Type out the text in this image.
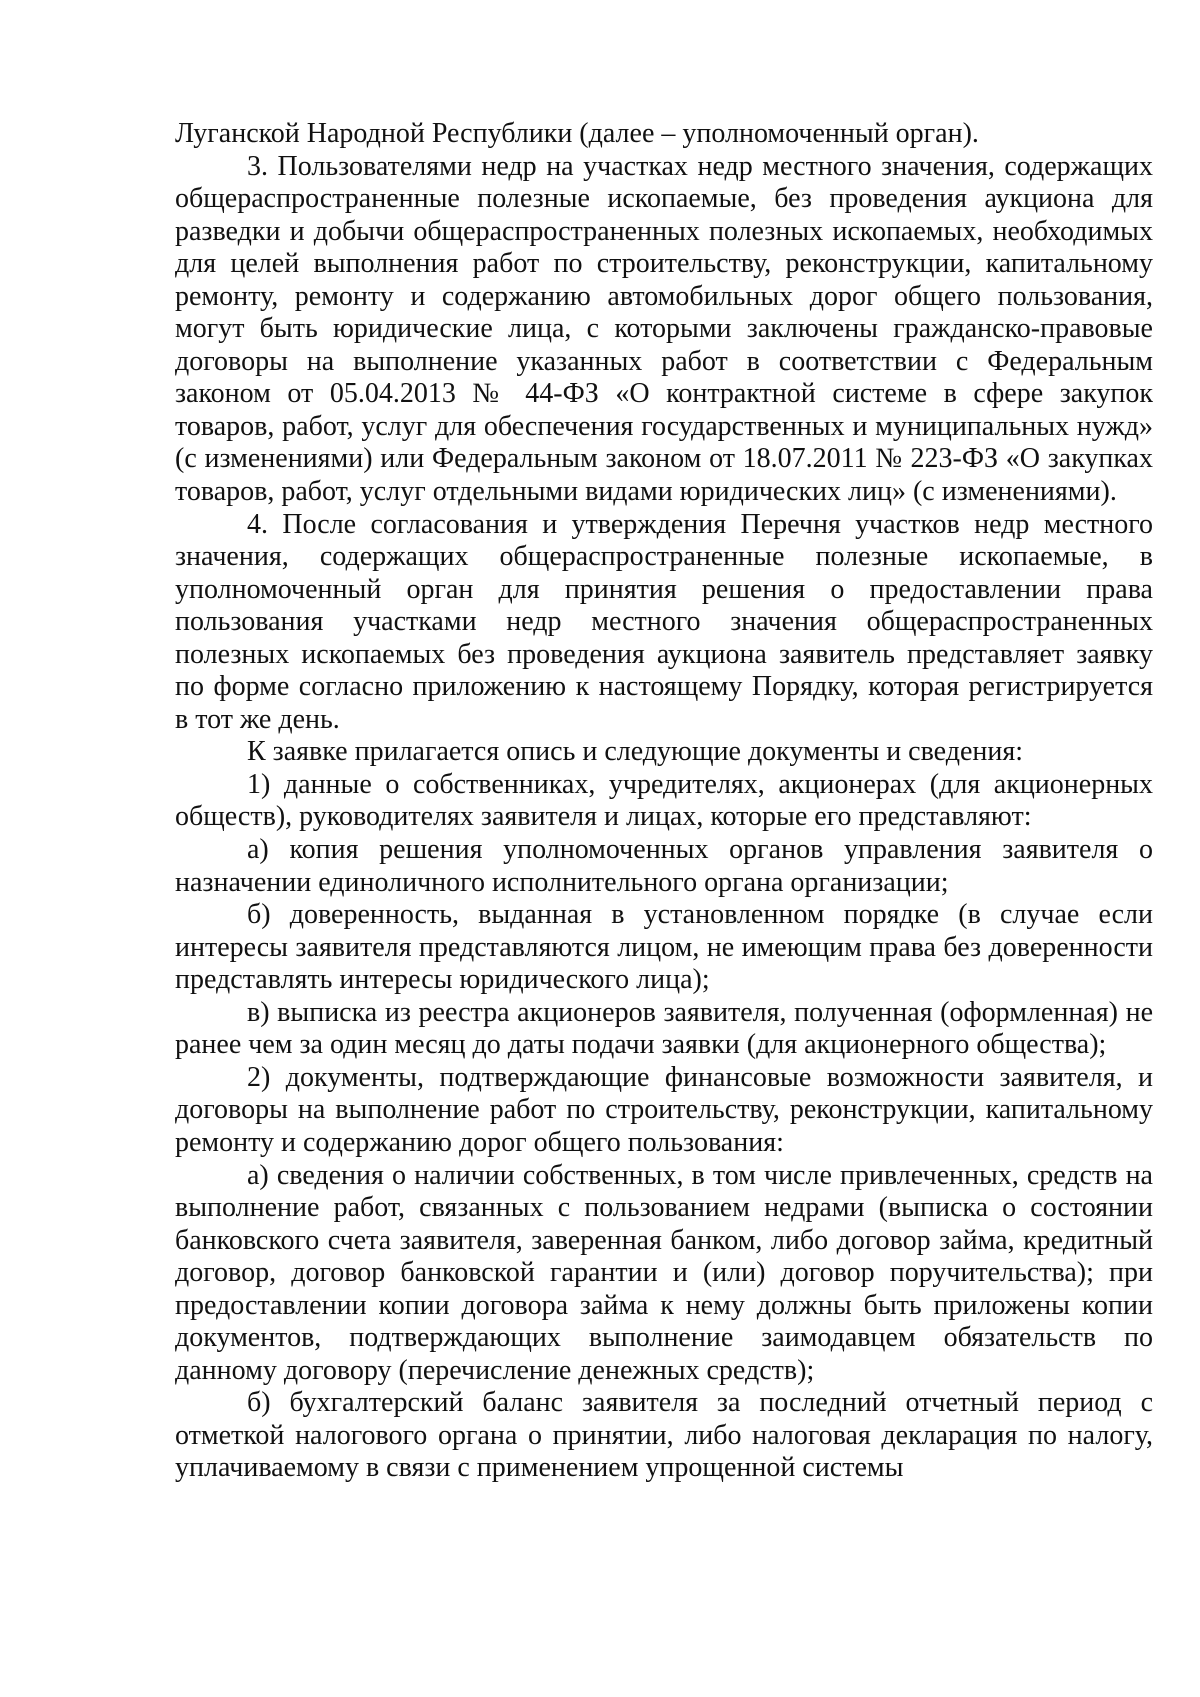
Луганской Народной Республики (далее – уполномоченный орган).

3. Пользователями недр на участках недр местного значения, содержащих общераспространенные полезные ископаемые, без проведения аукциона для разведки и добычи общераспространенных полезных ископаемых, необходимых для целей выполнения работ по строительству, реконструкции, капитальному ремонту, ремонту и содержанию автомобильных дорог общего пользования, могут быть юридические лица, с которыми заключены гражданско-правовые договоры на выполнение указанных работ в соответствии с Федеральным законом от 05.04.2013 № 44-ФЗ «О контрактной системе в сфере закупок товаров, работ, услуг для обеспечения государственных и муниципальных нужд» (с изменениями) или Федеральным законом от 18.07.2011 № 223-ФЗ «О закупках товаров, работ, услуг отдельными видами юридических лиц» (с изменениями).

4. После согласования и утверждения Перечня участков недр местного значения, содержащих общераспространенные полезные ископаемые, в уполномоченный орган для принятия решения о предоставлении права пользования участками недр местного значения общераспространенных полезных ископаемых без проведения аукциона заявитель представляет заявку по форме согласно приложению к настоящему Порядку, которая регистрируется в тот же день.

К заявке прилагается опись и следующие документы и сведения:

1) данные о собственниках, учредителях, акционерах (для акционерных обществ), руководителях заявителя и лицах, которые его представляют:

а) копия решения уполномоченных органов управления заявителя о назначении единоличного исполнительного органа организации;

б) доверенность, выданная в установленном порядке (в случае если интересы заявителя представляются лицом, не имеющим права без доверенности представлять интересы юридического лица);

в) выписка из реестра акционеров заявителя, полученная (оформленная) не ранее чем за один месяц до даты подачи заявки (для акционерного общества);

2) документы, подтверждающие финансовые возможности заявителя, и договоры на выполнение работ по строительству, реконструкции, капитальному ремонту и содержанию дорог общего пользования:

а) сведения о наличии собственных, в том числе привлеченных, средств на выполнение работ, связанных с пользованием недрами (выписка о состоянии банковского счета заявителя, заверенная банком, либо договор займа, кредитный договор, договор банковской гарантии и (или) договор поручительства); при предоставлении копии договора займа к нему должны быть приложены копии документов, подтверждающих выполнение заимодавцем обязательств по данному договору (перечисление денежных средств);

б) бухгалтерский баланс заявителя за последний отчетный период с отметкой налогового органа о принятии, либо налоговая декларация по налогу, уплачиваемому в связи с применением упрощенной системы
